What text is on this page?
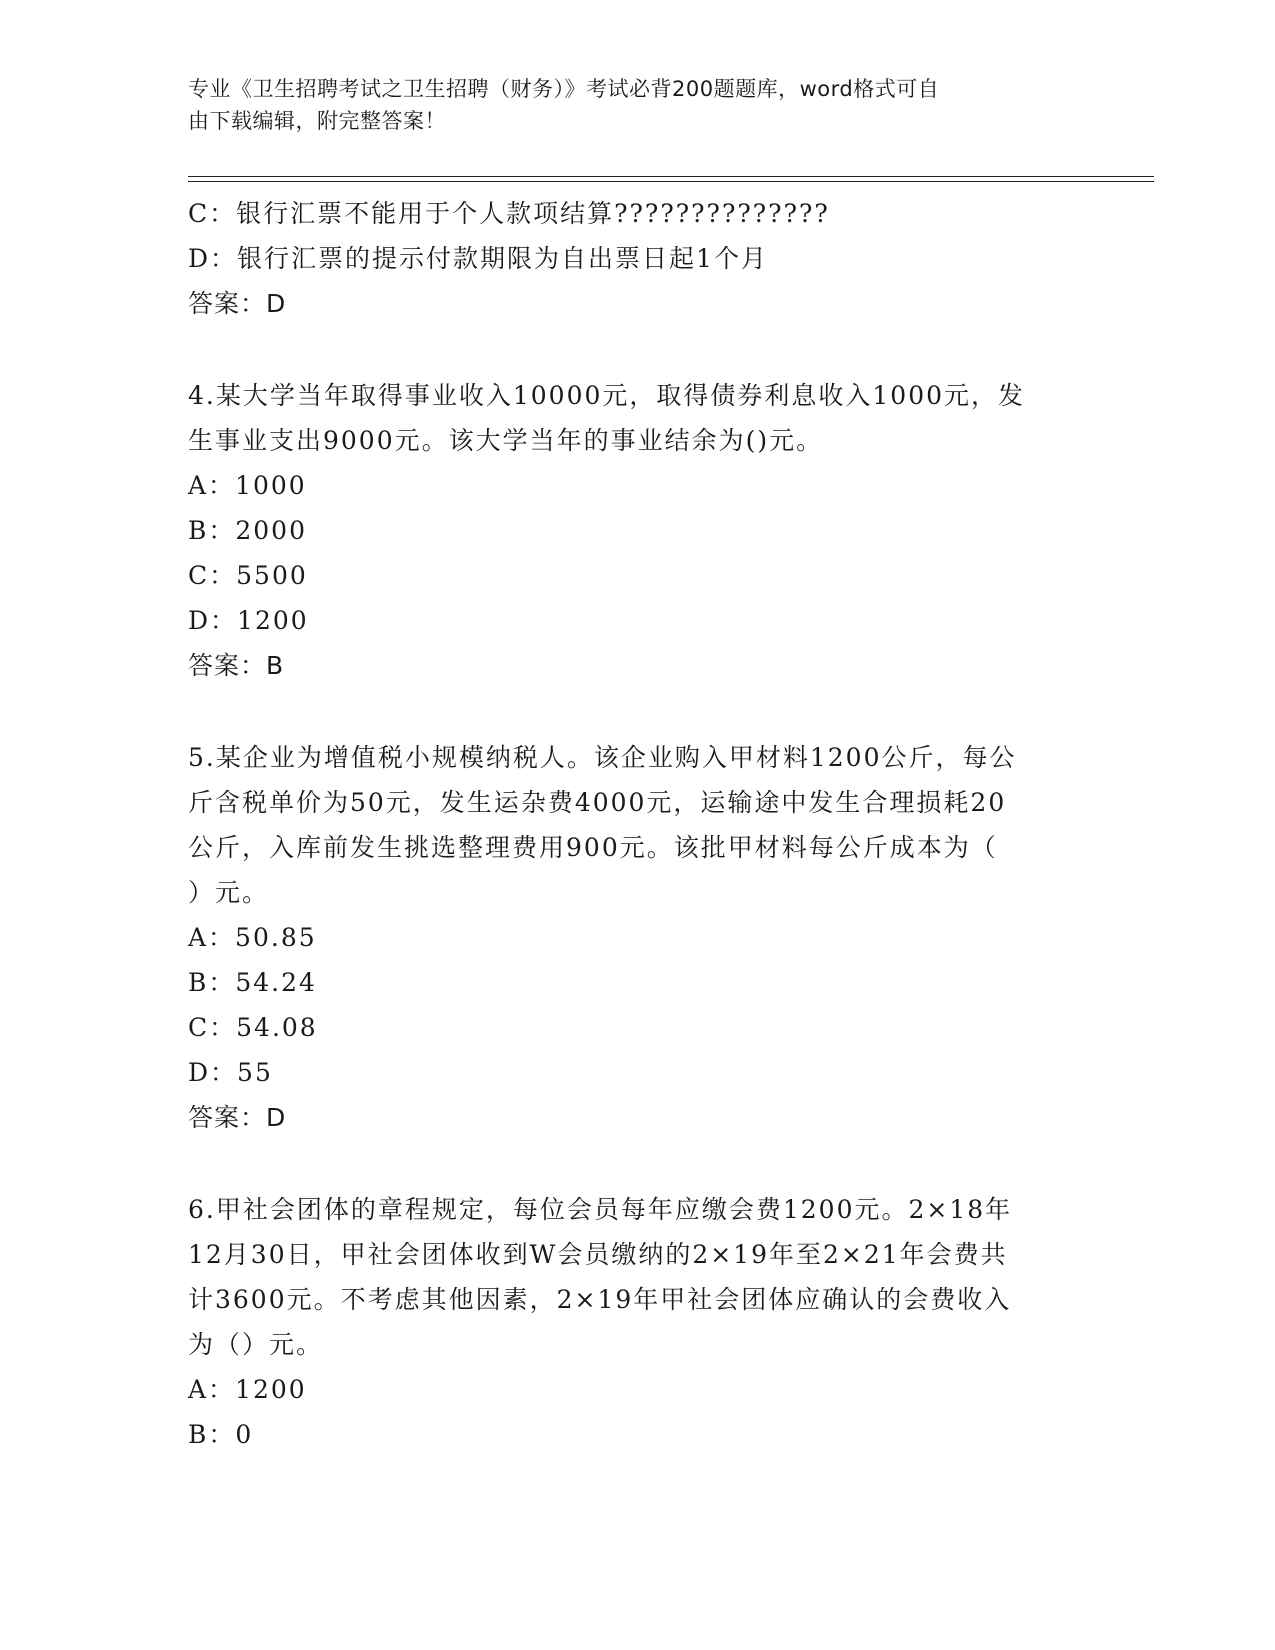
专业《卫生招聘考试之卫生招聘（财务）》考试必背200题题库，word格式可自
由下载编辑，附完整答案！
C：银行汇票不能用于个人款项结算??????????????
D：银行汇票的提示付款期限为自出票日起1个月
答案：D
4.某大学当年取得事业收入10000元，取得债券利息收入1000元，发
生事业支出9000元。该大学当年的事业结余为()元。
A：1000
B：2000
C：5500
D：1200
答案：B
5.某企业为增值税小规模纳税人。该企业购入甲材料1200公斤，每公
斤含税单价为50元，发生运杂费4000元，运输途中发生合理损耗20
公斤，入库前发生挑选整理费用900元。该批甲材料每公斤成本为（
）元。
A：50.85
B：54.24
C：54.08
D：55
答案：D
6.甲社会团体的章程规定，每位会员每年应缴会费1200元。2×18年
12月30日，甲社会团体收到W会员缴纳的2×19年至2×21年会费共
计3600元。不考虑其他因素，2×19年甲社会团体应确认的会费收入
为（）元。
A：1200
B：0
